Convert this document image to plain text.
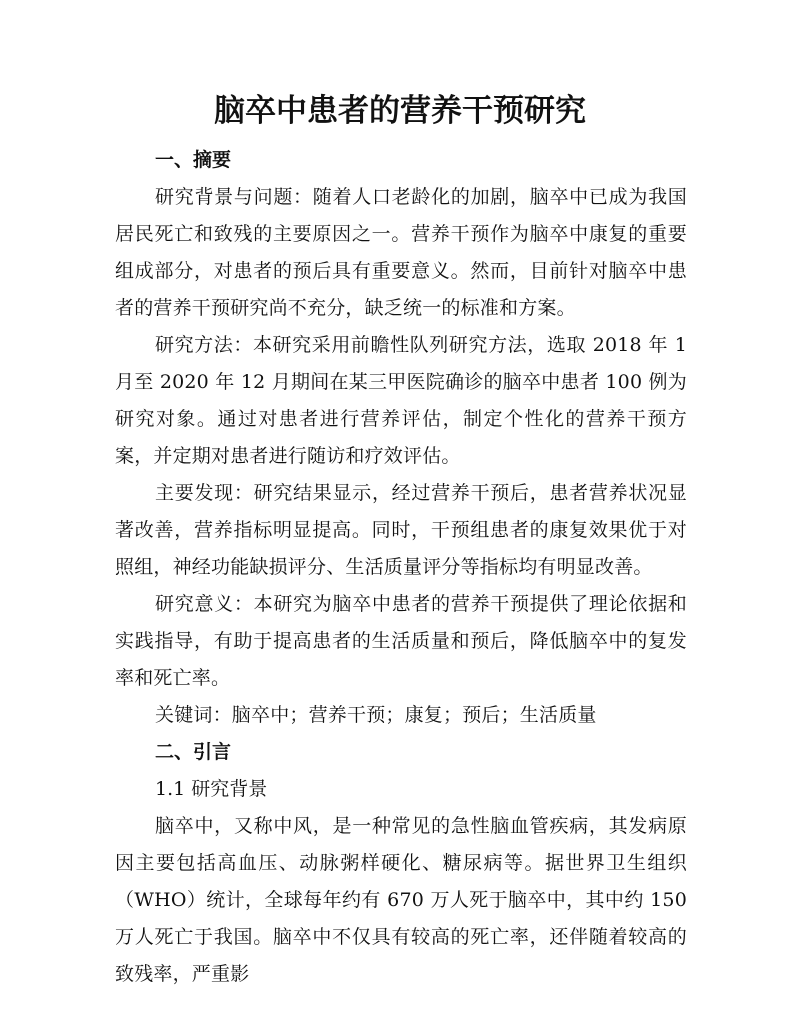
脑卒中患者的营养干预研究
一、摘要

研究背景与问题：随着人口老龄化的加剧，脑卒中已成为我国居民死亡和致残的主要原因之一。营养干预作为脑卒中康复的重要组成部分，对患者的预后具有重要意义。然而，目前针对脑卒中患者的营养干预研究尚不充分，缺乏统一的标准和方案。

研究方法：本研究采用前瞻性队列研究方法，选取 2018 年 1 月至 2020 年 12 月期间在某三甲医院确诊的脑卒中患者 100 例为研究对象。通过对患者进行营养评估，制定个性化的营养干预方案，并定期对患者进行随访和疗效评估。

主要发现：研究结果显示，经过营养干预后，患者营养状况显著改善，营养指标明显提高。同时，干预组患者的康复效果优于对照组，神经功能缺损评分、生活质量评分等指标均有明显改善。

研究意义：本研究为脑卒中患者的营养干预提供了理论依据和实践指导，有助于提高患者的生活质量和预后，降低脑卒中的复发率和死亡率。

关键词：脑卒中；营养干预；康复；预后；生活质量

二、引言

1.1 研究背景

脑卒中，又称中风，是一种常见的急性脑血管疾病，其发病原因主要包括高血压、动脉粥样硬化、糖尿病等。据世界卫生组织（WHO）统计，全球每年约有 670 万人死于脑卒中，其中约 150 万人死亡于我国。脑卒中不仅具有较高的死亡率，还伴随着较高的致残率，严重影
